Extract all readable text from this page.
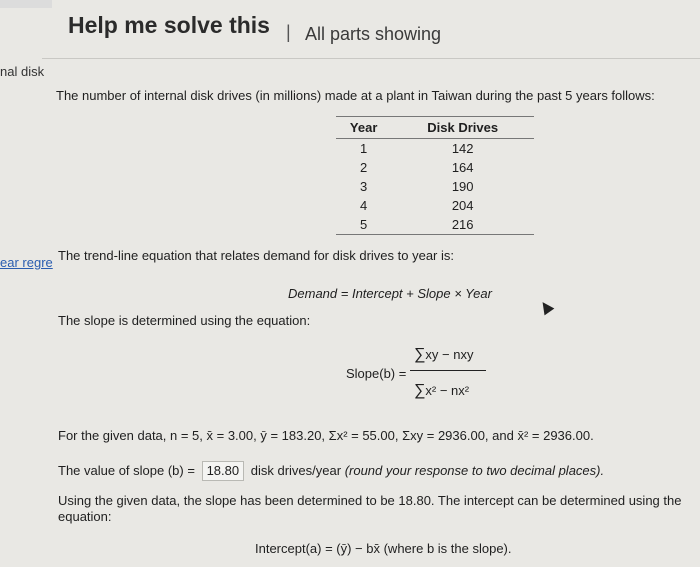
Help me solve this | All parts showing
nal disk
ear regre
The number of internal disk drives (in millions) made at a plant in Taiwan during the past 5 years follows:
Year	Disk Drives
1	142
2	164
3	190
4	204
5	216
The trend-line equation that relates demand for disk drives to year is:
Demand = Intercept + Slope × Year
The slope is determined using the equation:
Slope(b) =
∑xy − nxy
∑x² − nx²
For the given data, n = 5, x̄ = 3.00, ȳ = 183.20, Σx² = 55.00, Σxy = 2936.00, and x̄² = 2936.00.
The value of slope (b) = 18.80 disk drives/year (round your response to two decimal places).
Using the given data, the slope has been determined to be 18.80. The intercept can be determined using the equation:
Intercept(a) = (ȳ) − bx̄ (where b is the slope).
